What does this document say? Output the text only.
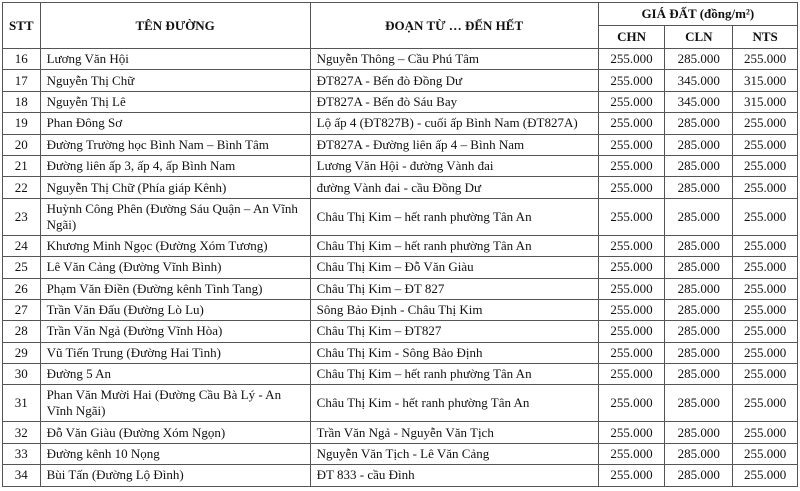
STT	TÊN ĐƯỜNG	ĐOẠN TỪ … ĐẾN HẾT	GIÁ ĐẤT (đồng/m²)		
			CHN	CLN	NTS
16	Lương Văn Hội	Nguyễn Thông – Cầu Phú Tâm	255.000	285.000	255.000
17	Nguyễn Thị Chữ	ĐT827A - Bến đò Đồng Dư	255.000	345.000	315.000
18	Nguyễn Thị Lê	ĐT827A - Bến đò Sáu Bay	255.000	345.000	315.000
19	Phan Đông Sơ	Lộ ấp 4 (ĐT827B) - cuối ấp Bình Nam (ĐT827A)	255.000	285.000	255.000
20	Đường Trường học Bình Nam – Bình Tâm	ĐT827A - Đường liên ấp 4 – Bình Nam	255.000	285.000	255.000
21	Đường liên ấp 3, ấp 4, ấp Bình Nam	Lương Văn Hội - đường Vành đai	255.000	285.000	255.000
22	Nguyễn Thị Chữ (Phía giáp Kênh)	đường Vành đai - cầu Đồng Dư	255.000	285.000	255.000
23	Huỳnh Công Phên (Đường Sáu Quận – An Vĩnh Ngãi)	Châu Thị Kim – hết ranh phường Tân An	255.000	285.000	255.000
24	Khương Minh Ngọc (Đường Xóm Tương)	Châu Thị Kim – hết ranh phường Tân An	255.000	285.000	255.000
25	Lê Văn Cảng (Đường Vĩnh Bình)	Châu Thị Kim – Đỗ Văn Giàu	255.000	285.000	255.000
26	Phạm Văn Điền (Đường kênh Tình Tang)	Châu Thị Kim – ĐT 827	255.000	285.000	255.000
27	Trần Văn Đấu (Đường Lò Lu)	Sông Bảo Định - Châu Thị Kim	255.000	285.000	255.000
28	Trần Văn Ngả (Đường Vĩnh Hòa)	Châu Thị Kim – ĐT827	255.000	285.000	255.000
29	Vũ Tiến Trung (Đường Hai Tình)	Châu Thị Kim - Sông Bảo Định	255.000	285.000	255.000
30	Đường 5 An	Châu Thị Kim – hết ranh phường Tân An	255.000	285.000	255.000
31	Phan Văn Mười Hai (Đường Cầu Bà Lý - An Vĩnh Ngãi)	Châu Thị Kim - hết ranh phường Tân An	255.000	285.000	255.000
32	Đỗ Văn Giàu (Đường Xóm Ngọn)	Trần Văn Ngả - Nguyễn Văn Tịch	255.000	285.000	255.000
33	Đường kênh 10 Nọng	Nguyễn Văn Tịch - Lê Văn Cảng	255.000	285.000	255.000
34	Bùi Tấn (Đường Lộ Đình)	ĐT 833 - cầu Đình	255.000	285.000	255.000
